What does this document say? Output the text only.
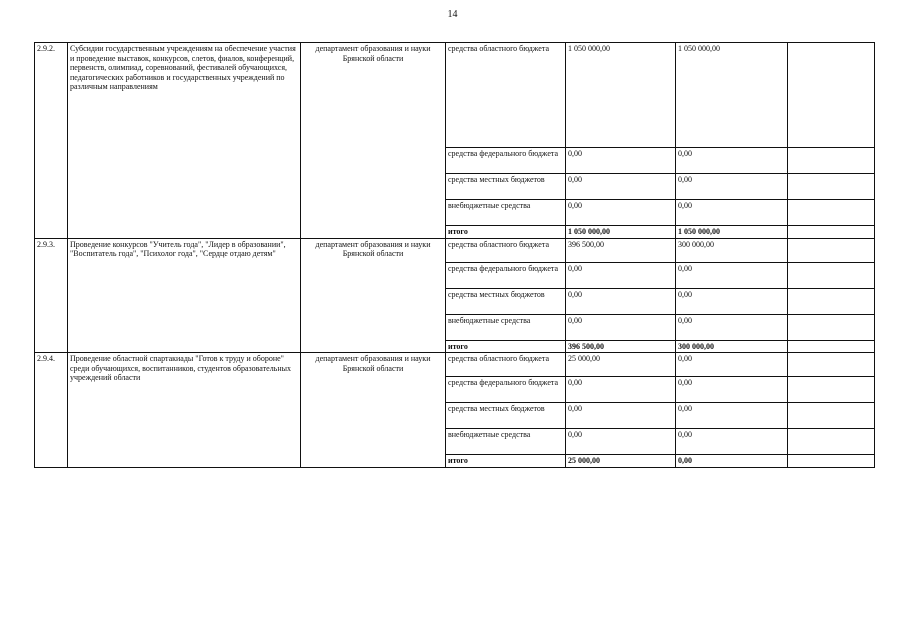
14
2.9.2.	Субсидии государственным учреждениям на обеспечение участия и проведение выставок, конкурсов, слетов, фиалов, конференций, первенств, олимпиад, соревнований, фестивалей обучающихся, педагогических работников и государственных учреждений по различным направлениям	департамент образования и науки Брянской области	средства областного бюджета	1 050 000,00	1 050 000,00	
			средства федерального бюджета	0,00	0,00	
			средства местных бюджетов	0,00	0,00	
			внебюджетные средства	0,00	0,00	
			итого	1 050 000,00	1 050 000,00	
2.9.3.	Проведение конкурсов "Учитель года", "Лидер в образовании", "Воспитатель года", "Психолог года", "Сердце отдаю детям"	департамент образования и науки Брянской области	средства областного бюджета	396 500,00	300 000,00	
			средства федерального бюджета	0,00	0,00	
			средства местных бюджетов	0,00	0,00	
			внебюджетные средства	0,00	0,00	
			итого	396 500,00	300 000,00	
2.9.4.	Проведение областной спартакиады "Готов к труду и обороне" среди обучающихся, воспитанников, студентов образовательных учреждений области	департамент образования и науки Брянской области	средства областного бюджета	25 000,00	0,00	
			средства федерального бюджета	0,00	0,00	
			средства местных бюджетов	0,00	0,00	
			внебюджетные средства	0,00	0,00	
			итого	25 000,00	0,00	
